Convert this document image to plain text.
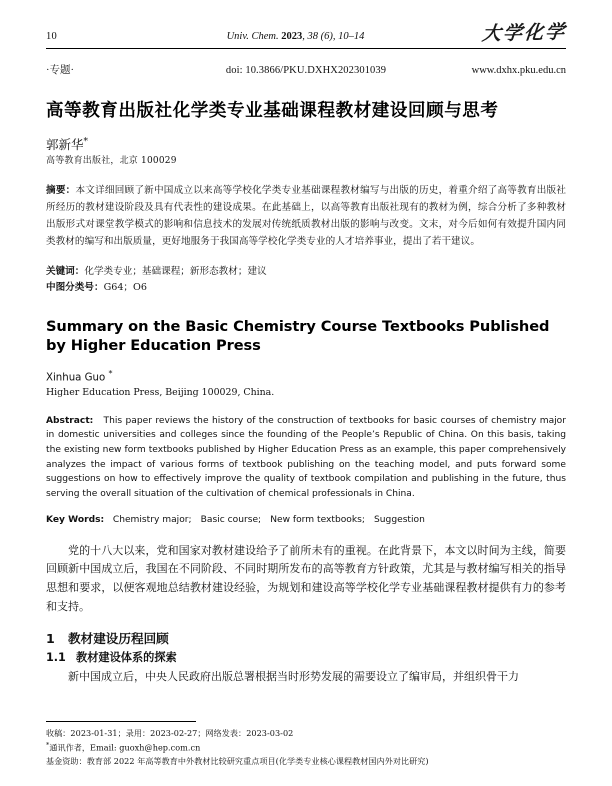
10	Univ. Chem. 2023, 38 (6), 10–14	大学化学
·专题·	doi: 10.3866/PKU.DXHX202301039	www.dxhx.pku.edu.cn
高等教育出版社化学类专业基础课程教材建设回顾与思考
郭新华*
高等教育出版社，北京 100029
摘要：本文详细回顾了新中国成立以来高等学校化学类专业基础课程教材编写与出版的历史，着重介绍了高等教育出版社所经历的教材建设阶段及具有代表性的建设成果。在此基础上，以高等教育出版社现有的教材为例，综合分析了多种教材出版形式对课堂教学模式的影响和信息技术的发展对传统纸质教材出版的影响与改变。文末，对今后如何有效提升国内同类教材的编写和出版质量，更好地服务于我国高等学校化学类专业的人才培养事业，提出了若干建议。
关键词：化学类专业；基础课程；新形态教材；建议
中图分类号：G64；O6
Summary on the Basic Chemistry Course Textbooks Published by Higher Education Press
Xinhua Guo *
Higher Education Press, Beijing 100029, China.
Abstract: This paper reviews the history of the construction of textbooks for basic courses of chemistry major in domestic universities and colleges since the founding of the People’s Republic of China. On this basis, taking the existing new form textbooks published by Higher Education Press as an example, this paper comprehensively analyzes the impact of various forms of textbook publishing on the teaching model, and puts forward some suggestions on how to effectively improve the quality of textbook compilation and publishing in the future, thus serving the overall situation of the cultivation of chemical professionals in China.
Key Words: Chemistry major;　Basic course;　New form textbooks;　Suggestion
党的十八大以来，党和国家对教材建设给予了前所未有的重视。在此背景下，本文以时间为主线，简要回顾新中国成立后，我国在不同阶段、不同时期所发布的高等教育方针政策，尤其是与教材编写相关的指导思想和要求，以便客观地总结教材建设经验，为规划和建设高等学校化学专业基础课程教材提供有力的参考和支持。
1 教材建设历程回顾
1.1 教材建设体系的探索
新中国成立后，中央人民政府出版总署根据当时形势发展的需要设立了编审局，并组织骨干力
收稿：2023-01-31；录用：2023-02-27；网络发表：2023-03-02
*通讯作者，Email: guoxh@hep.com.cn
基金资助：教育部 2022 年高等教育中外教材比较研究重点项目(化学类专业核心课程教材国内外对比研究)
